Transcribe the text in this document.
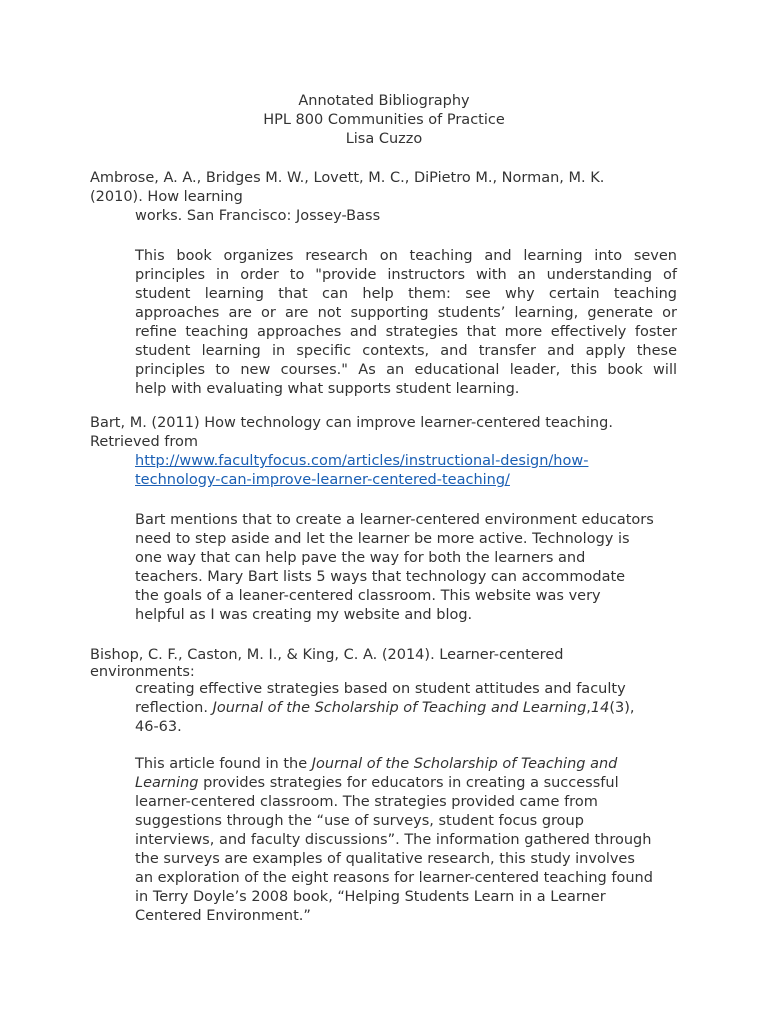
Annotated Bibliography
HPL 800 Communities of Practice
Lisa Cuzzo
Ambrose, A. A., Bridges M. W., Lovett, M. C., DiPietro M., Norman, M. K.
(2010). How learning
works. San Francisco: Jossey-Bass
This book organizes research on teaching and learning into seven
principles in order to "provide instructors with an understanding of
student learning that can help them: see why certain teaching
approaches are or are not supporting students’ learning, generate or
refine teaching approaches and strategies that more effectively foster
student learning in specific contexts, and transfer and apply these
principles to new courses." As an educational leader, this book will
help with evaluating what supports student learning.
Bart, M. (2011) How technology can improve learner-centered teaching.
Retrieved from
http://www.facultyfocus.com/articles/instructional-design/how-
technology-can-improve-learner-centered-teaching/
Bart mentions that to create a learner-centered environment educators
need to step aside and let the learner be more active. Technology is
one way that can help pave the way for both the learners and
teachers. Mary Bart lists 5 ways that technology can accommodate
the goals of a leaner-centered classroom. This website was very
helpful as I was creating my website and blog.
Bishop, C. F., Caston, M. I., & King, C. A. (2014). Learner-centered
environments:
creating effective strategies based on student attitudes and faculty
reflection. Journal of the Scholarship of Teaching and Learning,14(3),
46-63.
This article found in the Journal of the Scholarship of Teaching and
Learning provides strategies for educators in creating a successful
learner-centered classroom. The strategies provided came from
suggestions through the “use of surveys, student focus group
interviews, and faculty discussions”. The information gathered through
the surveys are examples of qualitative research, this study involves
an exploration of the eight reasons for learner-centered teaching found
in Terry Doyle’s 2008 book, “Helping Students Learn in a Learner
Centered Environment.”
